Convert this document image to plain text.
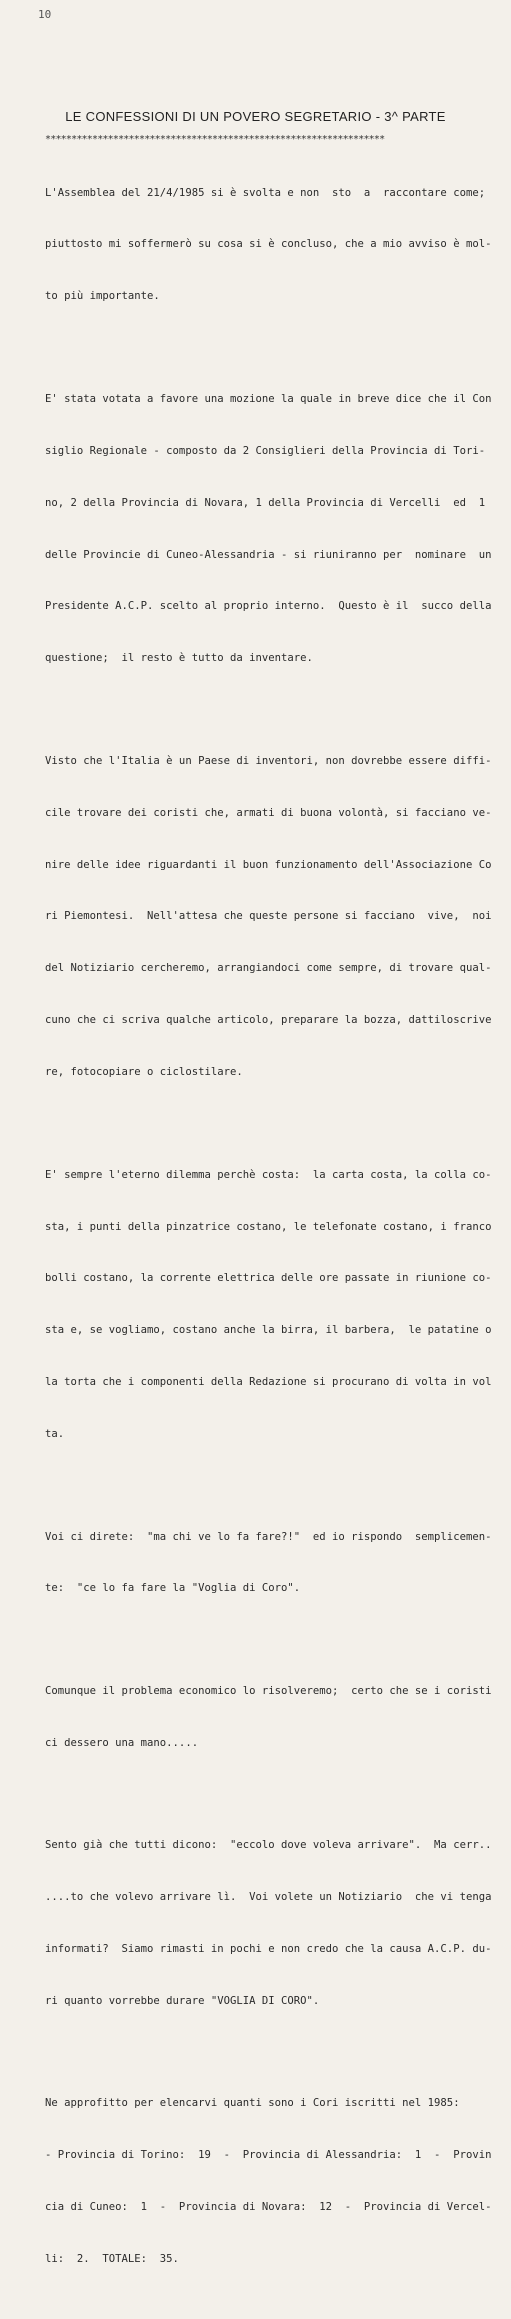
10
LE CONFESSIONI DI UN POVERO SEGRETARIO - 3^ PARTE
*****************************************************************

L'Assemblea del 21/4/1985 si è svolta e non  sto  a  raccontare come;

piuttosto mi soffermerò su cosa si è concluso, che a mio avviso è mol-

to più importante.

E' stata votata a favore una mozione la quale in breve dice che il Con

siglio Regionale - composto da 2 Consiglieri della Provincia di Tori-

no, 2 della Provincia di Novara, 1 della Provincia di Vercelli  ed  1

delle Provincie di Cuneo-Alessandria - si riuniranno per  nominare  un

Presidente A.C.P. scelto al proprio interno.  Questo è il  succo della

questione;  il resto è tutto da inventare.

Visto che l'Italia è un Paese di inventori, non dovrebbe essere diffi-

cile trovare dei coristi che, armati di buona volontà, si facciano ve-

nire delle idee riguardanti il buon funzionamento dell'Associazione Co

ri Piemontesi.  Nell'attesa che queste persone si facciano  vive,  noi

del Notiziario cercheremo, arrangiandoci come sempre, di trovare qual-

cuno che ci scriva qualche articolo, preparare la bozza, dattiloscrive

re, fotocopiare o ciclostilare.

E' sempre l'eterno dilemma perchè costa:  la carta costa, la colla co-

sta, i punti della pinzatrice costano, le telefonate costano, i franco

bolli costano, la corrente elettrica delle ore passate in riunione co-

sta e, se vogliamo, costano anche la birra, il barbera,  le patatine o

la torta che i componenti della Redazione si procurano di volta in vol

ta.

Voi ci direte:  "ma chi ve lo fa fare?!"  ed io rispondo  semplicemen-

te:  "ce lo fa fare la "Voglia di Coro".

Comunque il problema economico lo risolveremo;  certo che se i coristi

ci dessero una mano.....

Sento già che tutti dicono:  "eccolo dove voleva arrivare".  Ma cerr..

....to che volevo arrivare lì.  Voi volete un Notiziario  che vi tenga

informati?  Siamo rimasti in pochi e non credo che la causa A.C.P. du-

ri quanto vorrebbe durare "VOGLIA DI CORO".

Ne approfitto per elencarvi quanti sono i Cori iscritti nel 1985:

- Provincia di Torino:  19  -  Provincia di Alessandria:  1  -  Provin

cia di Cuneo:  1  -  Provincia di Novara:  12  -  Provincia di Vercel-

li:  2.  TOTALE:  35.
